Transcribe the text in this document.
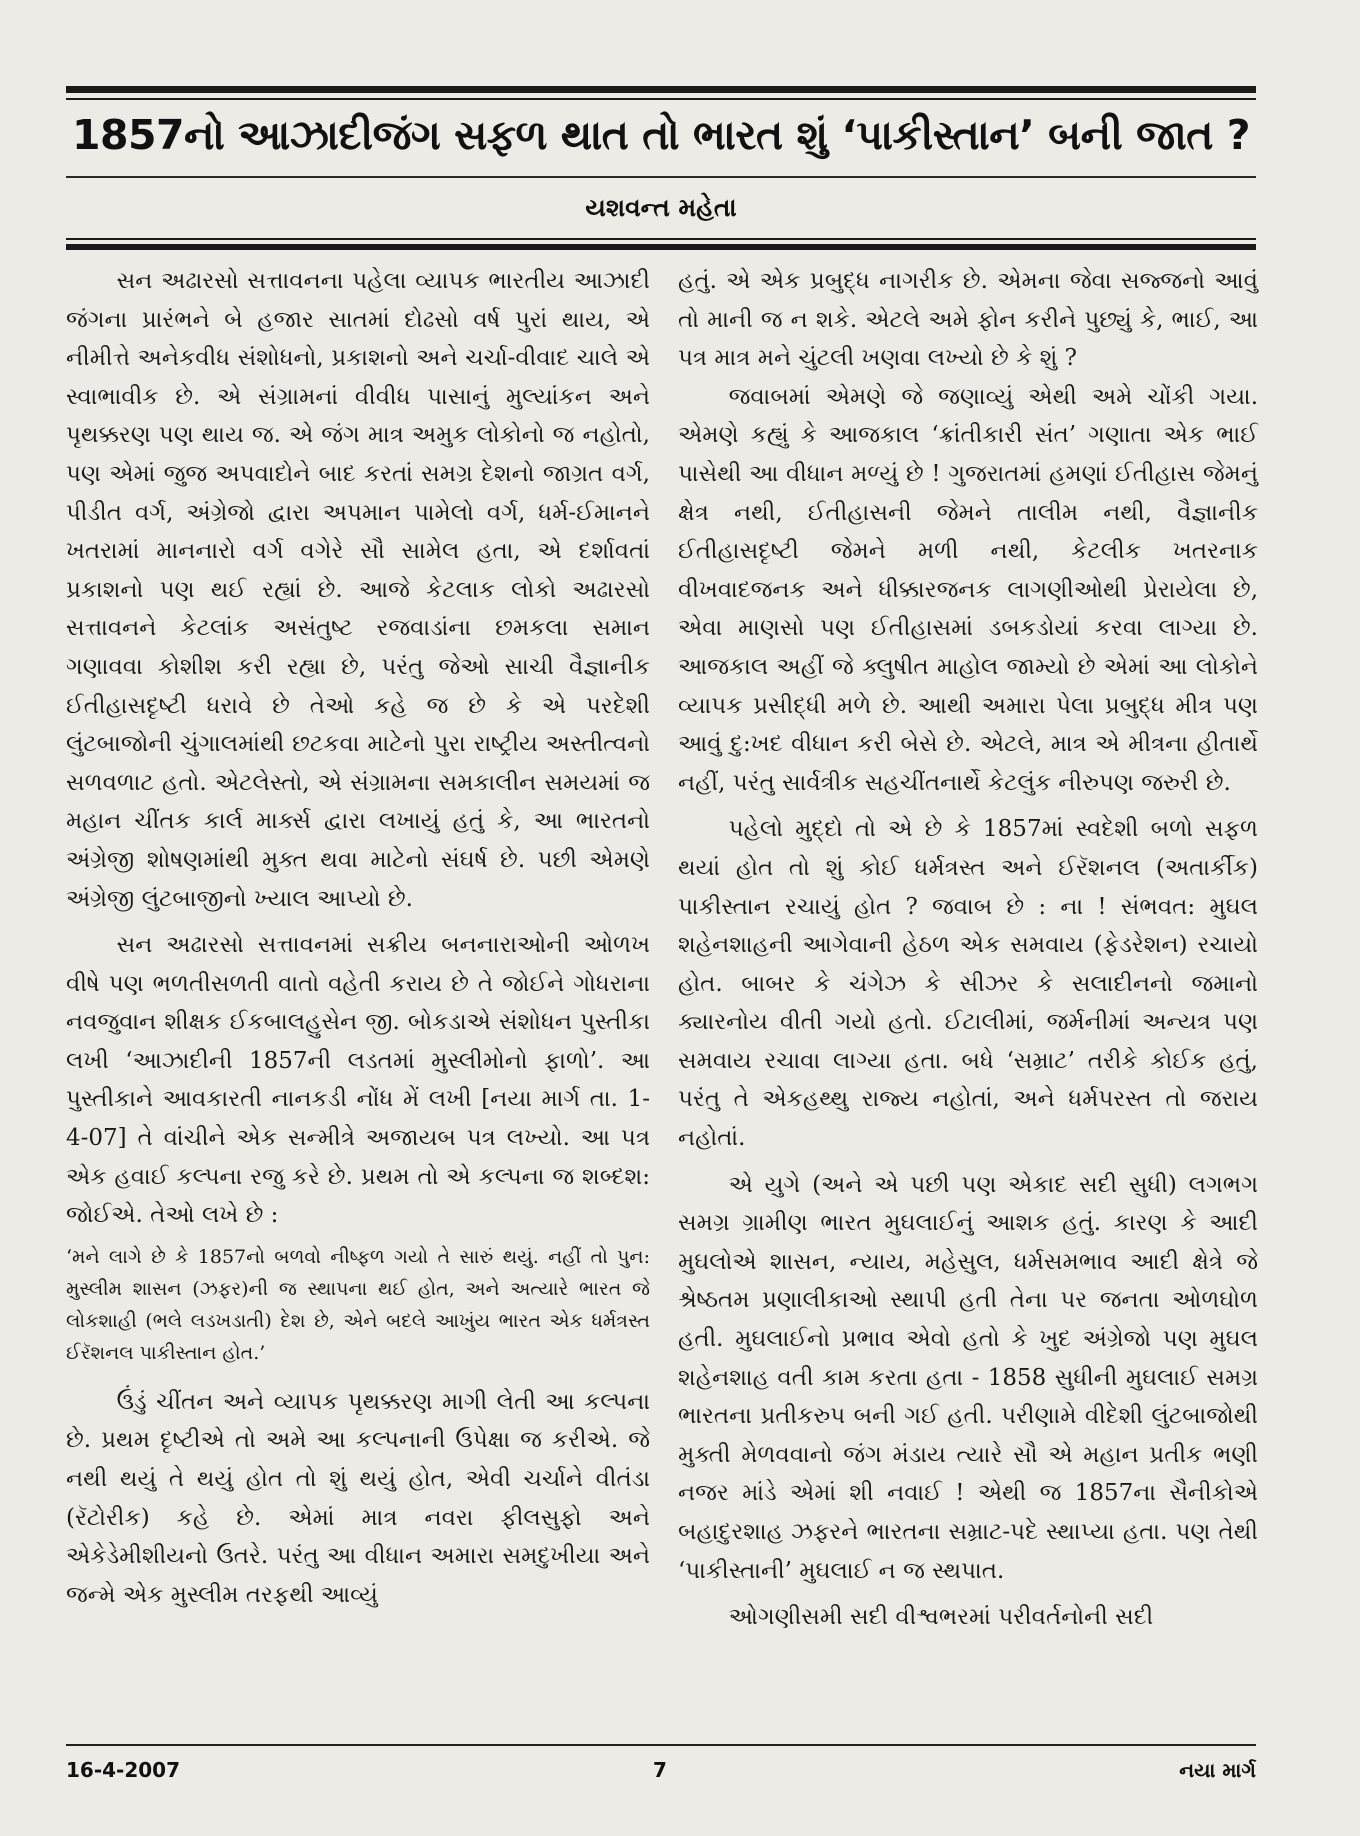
1857નો આઝાદીજંગ સફળ થાત તો ભારત શું ‘પાકીસ્તાન’ બની જાત ?
યશવન્ત મહેતા

સન અઢારસો સત્તાવનના પહેલા વ્યાપક ભારતીય આઝાદી જંગના પ્રારંભને બે હજાર સાતમાં દોઢસો વર્ષ પુરાં થાય, એ નીમીત્તે અનેકવીધ સંશોધનો, પ્રકાશનો અને ચર્ચા-વીવાદ ચાલે એ સ્વાભાવીક છે. એ સંગ્રામનાં વીવીધ પાસાનું મુલ્યાંકન અને પૃથક્કરણ પણ થાય જ. એ જંગ માત્ર અમુક લોકોનો જ નહોતો, પણ એમાં જુજ અપવાદોને બાદ કરતાં સમગ્ર દેશનો જાગ્રત વર્ગ, પીડીત વર્ગ, અંગ્રેજો દ્વારા અપમાન પામેલો વર્ગ, ધર્મ-ઈમાનને ખતરામાં માનનારો વર્ગ વગેરે સૌ સામેલ હતા, એ દર્શાવતાં પ્રકાશનો પણ થઈ રહ્યાં છે. આજે કેટલાક લોકો અઢારસો સત્તાવનને કેટલાંક અસંતુષ્ટ રજવાડાંના છમકલા સમાન ગણાવવા કોશીશ કરી રહ્યા છે, પરંતુ જેઓ સાચી વૈજ્ઞાનીક ઈતીહાસદૃષ્ટી ધરાવે છે તેઓ કહે જ છે કે એ પરદેશી લુંટબાજોની ચુંગાલમાંથી છટકવા માટેનો પુરા રાષ્ટ્રીય અસ્તીત્વનો સળવળાટ હતો. એટલેસ્તો, એ સંગ્રામના સમકાલીન સમયમાં જ મહાન ચીંતક કાર્લ માર્ક્સ દ્વારા લખાયું હતું કે, આ ભારતનો અંગ્રેજી શોષણમાંથી મુક્ત થવા માટેનો સંઘર્ષ છે. પછી એમણે અંગ્રેજી લુંટબાજીનો ખ્યાલ આપ્યો છે.

સન અઢારસો સત્તાવનમાં સક્રીય બનનારાઓની ઓળખ વીષે પણ ભળતીસળતી વાતો વહેતી કરાય છે તે જોઈને ગોધરાના નવજુવાન શીક્ષક ઈકબાલહુસેન જી. બોકડાએ સંશોધન પુસ્તીકા લખી ‘આઝાદીની 1857ની લડતમાં મુસ્લીમોનો ફાળો’. આ પુસ્તીકાને આવકારતી નાનકડી નોંધ મેં લખી [નયા માર્ગ તા. 1-4-07] તે વાંચીને એક સન્મીત્રે અજાયબ પત્ર લખ્યો. આ પત્ર એક હવાઈ કલ્પના રજુ કરે છે. પ્રથમ તો એ કલ્પના જ શબ્દશ: જોઈએ. તેઓ લખે છે :

‘મને લાગે છે કે 1857નો બળવો નીષ્ફળ ગયો તે સારું થયું. નહીં તો પુન: મુસ્લીમ શાસન (ઝફર)ની જ સ્થાપના થઈ હોત, અને અત્યારે ભારત જે લોકશાહી (ભલે લડખડાતી) દેશ છે, એને બદલે આખુંય ભારત એક ધર્મત્રસ્ત ઈરૅશનલ પાકીસ્તાન હોત.’

ઉંડું ચીંતન અને વ્યાપક પૃથક્કરણ માગી લેતી આ કલ્પના છે. પ્રથમ દૃષ્ટીએ તો અમે આ કલ્પનાની ઉપેક્ષા જ કરીએ. જે નથી થયું તે થયું હોત તો શું થયું હોત, એવી ચર્ચાને વીતંડા (રૅટોરીક) કહે છે. એમાં માત્ર નવરા ફીલસુફો અને એકેડેમીશીયનો ઉતરે. પરંતુ આ વીધાન અમારા સમદુખીયા અને જન્મે એક મુસ્લીમ તરફથી આવ્યું

હતું. એ એક પ્રબુદ્ધ નાગરીક છે. એમના જેવા સજ્જનો આવું તો માની જ ન શકે. એટલે અમે ફોન કરીને પુછ્યું કે, ભાઈ, આ પત્ર માત્ર મને ચુંટલી ખણવા લખ્યો છે કે શું ?

જવાબમાં એમણે જે જણાવ્યું એથી અમે ચોંકી ગયા. એમણે કહ્યું કે આજકાલ ‘ક્રાંતીકારી સંત’ ગણાતા એક ભાઈ પાસેથી આ વીધાન મળ્યું છે ! ગુજરાતમાં હમણાં ઈતીહાસ જેમનું ક્ષેત્ર નથી, ઈતીહાસની જેમને તાલીમ નથી, વૈજ્ઞાનીક ઈતીહાસદૃષ્ટી જેમને મળી નથી, કેટલીક ખતરનાક વીખવાદજનક અને ધીક્કારજનક લાગણીઓથી પ્રેરાયેલા છે, એવા માણસો પણ ઈતીહાસમાં ડબકડોયાં કરવા લાગ્યા છે. આજકાલ અહીં જે ક્લુષીત માહોલ જામ્યો છે એમાં આ લોકોને વ્યાપક પ્રસીદ્ધી મળે છે. આથી અમારા પેલા પ્રબુદ્ધ મીત્ર પણ આવું દુ:ખદ વીધાન કરી બેસે છે. એટલે, માત્ર એ મીત્રના હીતાર્થે નહીં, પરંતુ સાર્વત્રીક સહચીંતનાર્થે કેટલુંક નીરુપણ જરુરી છે.

પહેલો મુદ્દો તો એ છે કે 1857માં સ્વદેશી બળો સફળ થયાં હોત તો શું કોઈ ધર્મત્રસ્ત અને ઈરૅશનલ (અતાર્કીક) પાકીસ્તાન રચાયું હોત ? જવાબ છે : ના ! સંભવત: મુઘલ શહેનશાહની આગેવાની હેઠળ એક સમવાય (ફેડરેશન) રચાયો હોત. બાબર કે ચંગેઝ કે સીઝર કે સલાદીનનો જમાનો ક્યારનોય વીતી ગયો હતો. ઈટાલીમાં, જર્મનીમાં અન્યત્ર પણ સમવાય રચાવા લાગ્યા હતા. બધે ‘સમ્રાટ’ તરીકે કોઈક હતું, પરંતુ તે એકહથ્થુ રાજ્ય નહોતાં, અને ધર્મપરસ્ત તો જરાય નહોતાં.

એ યુગે (અને એ પછી પણ એકાદ સદી સુધી) લગભગ સમગ્ર ગ્રામીણ ભારત મુઘલાઈનું આશક હતું. કારણ કે આદી મુઘલોએ શાસન, ન્યાય, મહેસુલ, ધર્મસમભાવ આદી ક્ષેત્રે જે શ્રેષ્ઠતમ પ્રણાલીકાઓ સ્થાપી હતી તેના પર જનતા ઓળઘોળ હતી. મુઘલાઈનો પ્રભાવ એવો હતો કે ખુદ અંગ્રેજો પણ મુઘલ શહેનશાહ વતી કામ કરતા હતા - 1858 સુધીની મુઘલાઈ સમગ્ર ભારતના પ્રતીકરુપ બની ગઈ હતી. પરીણામે વીદેશી લુંટબાજોથી મુક્તી મેળવવાનો જંગ મંડાય ત્યારે સૌ એ મહાન પ્રતીક ભણી નજર માંડે એમાં શી નવાઈ ! એથી જ 1857ના સૈનીકોએ બહાદુરશાહ ઝફરને ભારતના સમ્રાટ-પદે સ્થાપ્યા હતા. પણ તેથી ‘પાકીસ્તાની’ મુઘલાઈ ન જ સ્થપાત.

ઓગણીસમી સદી વીશ્વભરમાં પરીવર્તનોની સદી

16-4-2007	7	નયા માર્ગ
